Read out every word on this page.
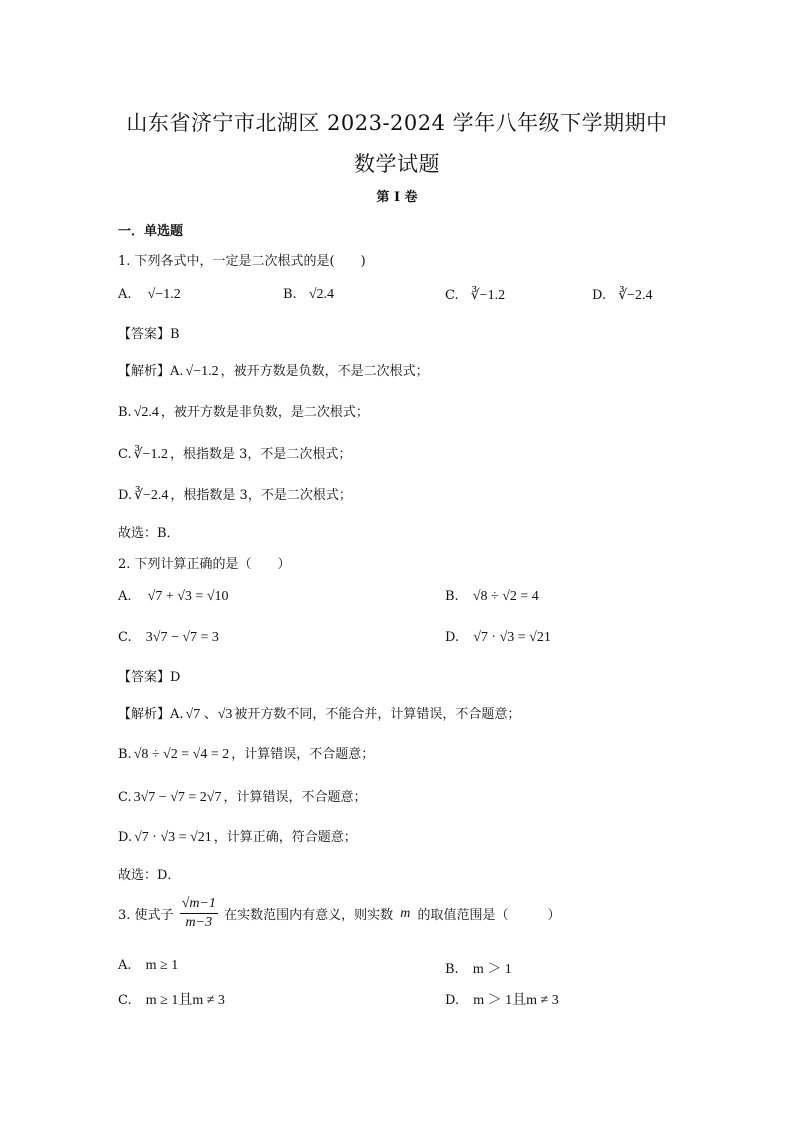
山东省济宁市北湖区 2023-2024 学年八年级下学期期中
数学试题
第 I 卷
一．单选题
1. 下列各式中，一定是二次根式的是(　　)
A. √−1.2	B. √2.4	C. ∛−1.2	D. ∛−2.4
【答案】B
【解析】A. √−1.2 ，被开方数是负数，不是二次根式；
B. √2.4 ，被开方数是非负数，是二次根式；
C. ∛−1.2 ，根指数是 3，不是二次根式；
D. ∛−2.4 ，根指数是 3，不是二次根式；
故选：B．
2. 下列计算正确的是（　　）
A. √7 + √3 = √10	B. √8 ÷ √2 = 4
C. 3√7 − √7 = 3	D. √7 · √3 = √21
【答案】D
【解析】A. √7 、√3 被开方数不同，不能合并，计算错误，不合题意；
B. √8 ÷ √2 = √4 = 2 ，计算错误，不合题意；
C. 3√7 − √7 = 2√7 ，计算错误，不合题意；
D. √7 · √3 = √21 ，计算正确，符合题意；
故选：D．
3. 使式子 $\frac{√m-1}{m-3}$ 在实数范围内有意义，则实数 m 的取值范围是（　　　）
A. m ≥ 1	B. m ＞ 1
C. m ≥ 1且m ≠ 3	D. m ＞ 1且m ≠ 3
